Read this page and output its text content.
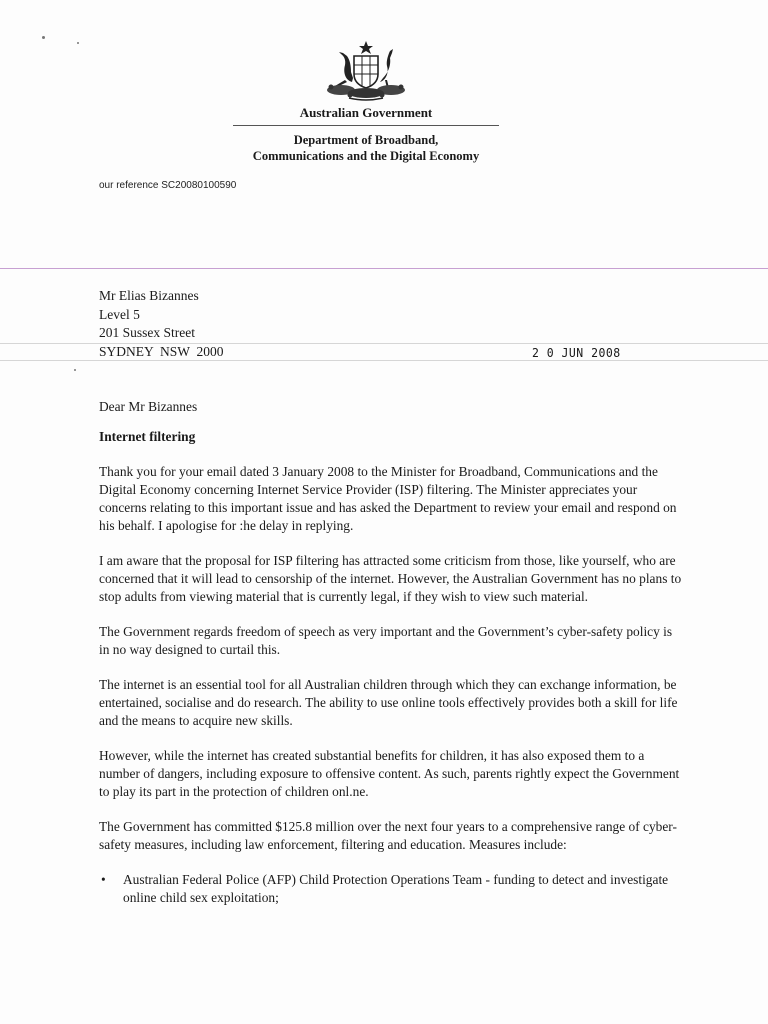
Australian Government
Department of Broadband,
Communications and the Digital Economy
our reference SC20080100590
Mr Elias Bizannes
Level 5
201 Sussex Street
SYDNEY  NSW  2000	2 0 JUN 2008

Dear Mr Bizannes

Internet filtering

Thank you for your email dated 3 January 2008 to the Minister for Broadband, Communications and the Digital Economy concerning Internet Service Provider (ISP) filtering. The Minister appreciates your concerns relating to this important issue and has asked the Department to review your email and respond on his behalf. I apologise for :he delay in replying.

I am aware that the proposal for ISP filtering has attracted some criticism from those, like yourself, who are concerned that it will lead to censorship of the internet. However, the Australian Government has no plans to stop adults from viewing material that is currently legal, if they wish to view such material.

The Government regards freedom of speech as very important and the Government’s cyber-safety policy is in no way designed to curtail this.

The internet is an essential tool for all Australian children through which they can exchange information, be entertained, socialise and do research. The ability to use online tools effectively provides both a skill for life and the means to acquire new skills.

However, while the internet has created substantial benefits for children, it has also exposed them to a number of dangers, including exposure to offensive content. As such, parents rightly expect the Government to play its part in the protection of children onl.ne.

The Government has committed $125.8 million over the next four years to a comprehensive range of cyber-safety measures, including law enforcement, filtering and education. Measures include:

• Australian Federal Police (AFP) Child Protection Operations Team - funding to detect and investigate online child sex exploitation;
